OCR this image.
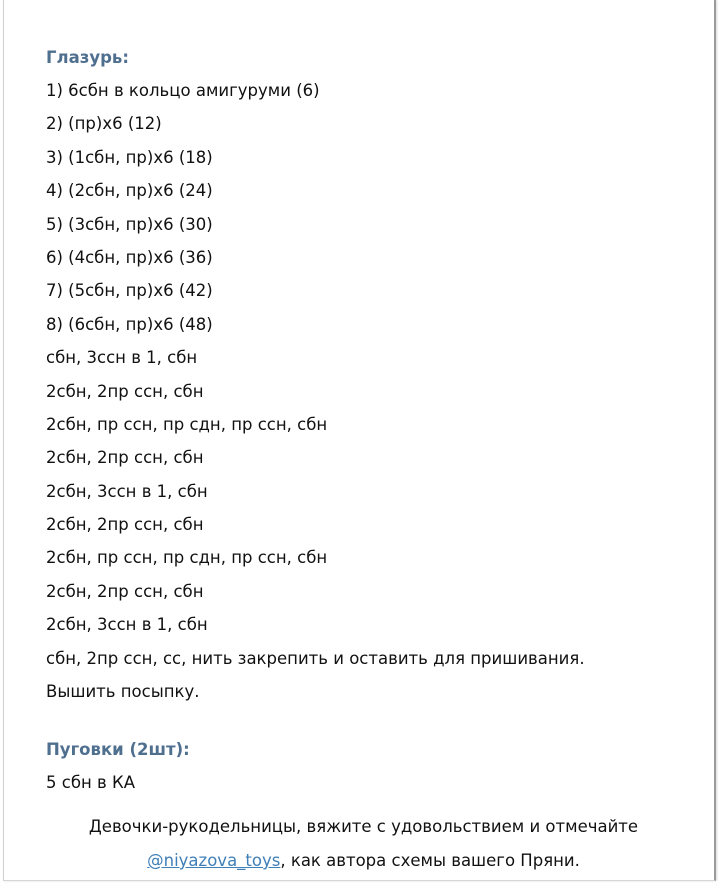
Глазурь:
1) 6сбн в кольцо амигуруми (6)
2) (пр)х6 (12)
3) (1сбн, пр)х6 (18)
4) (2сбн, пр)х6 (24)
5) (3сбн, пр)х6 (30)
6) (4сбн, пр)х6 (36)
7) (5сбн, пр)х6 (42)
8) (6сбн, пр)х6 (48)
сбн, 3ссн в 1, сбн
2сбн, 2пр ссн, сбн
2сбн, пр ссн, пр сдн, пр ссн, сбн
2сбн, 2пр ссн, сбн
2сбн, 3ссн в 1, сбн
2сбн, 2пр ссн, сбн
2сбн, пр ссн, пр сдн, пр ссн, сбн
2сбн, 2пр ссн, сбн
2сбн, 3ссн в 1, сбн
сбн, 2пр ссн, сс, нить закрепить и оставить для пришивания.
Вышить посыпку.
Пуговки (2шт):
5 сбн в КА
Девочки-рукодельницы, вяжите с удовольствием и отмечайте
@niyazova_toys, как автора схемы вашего Пряни.
